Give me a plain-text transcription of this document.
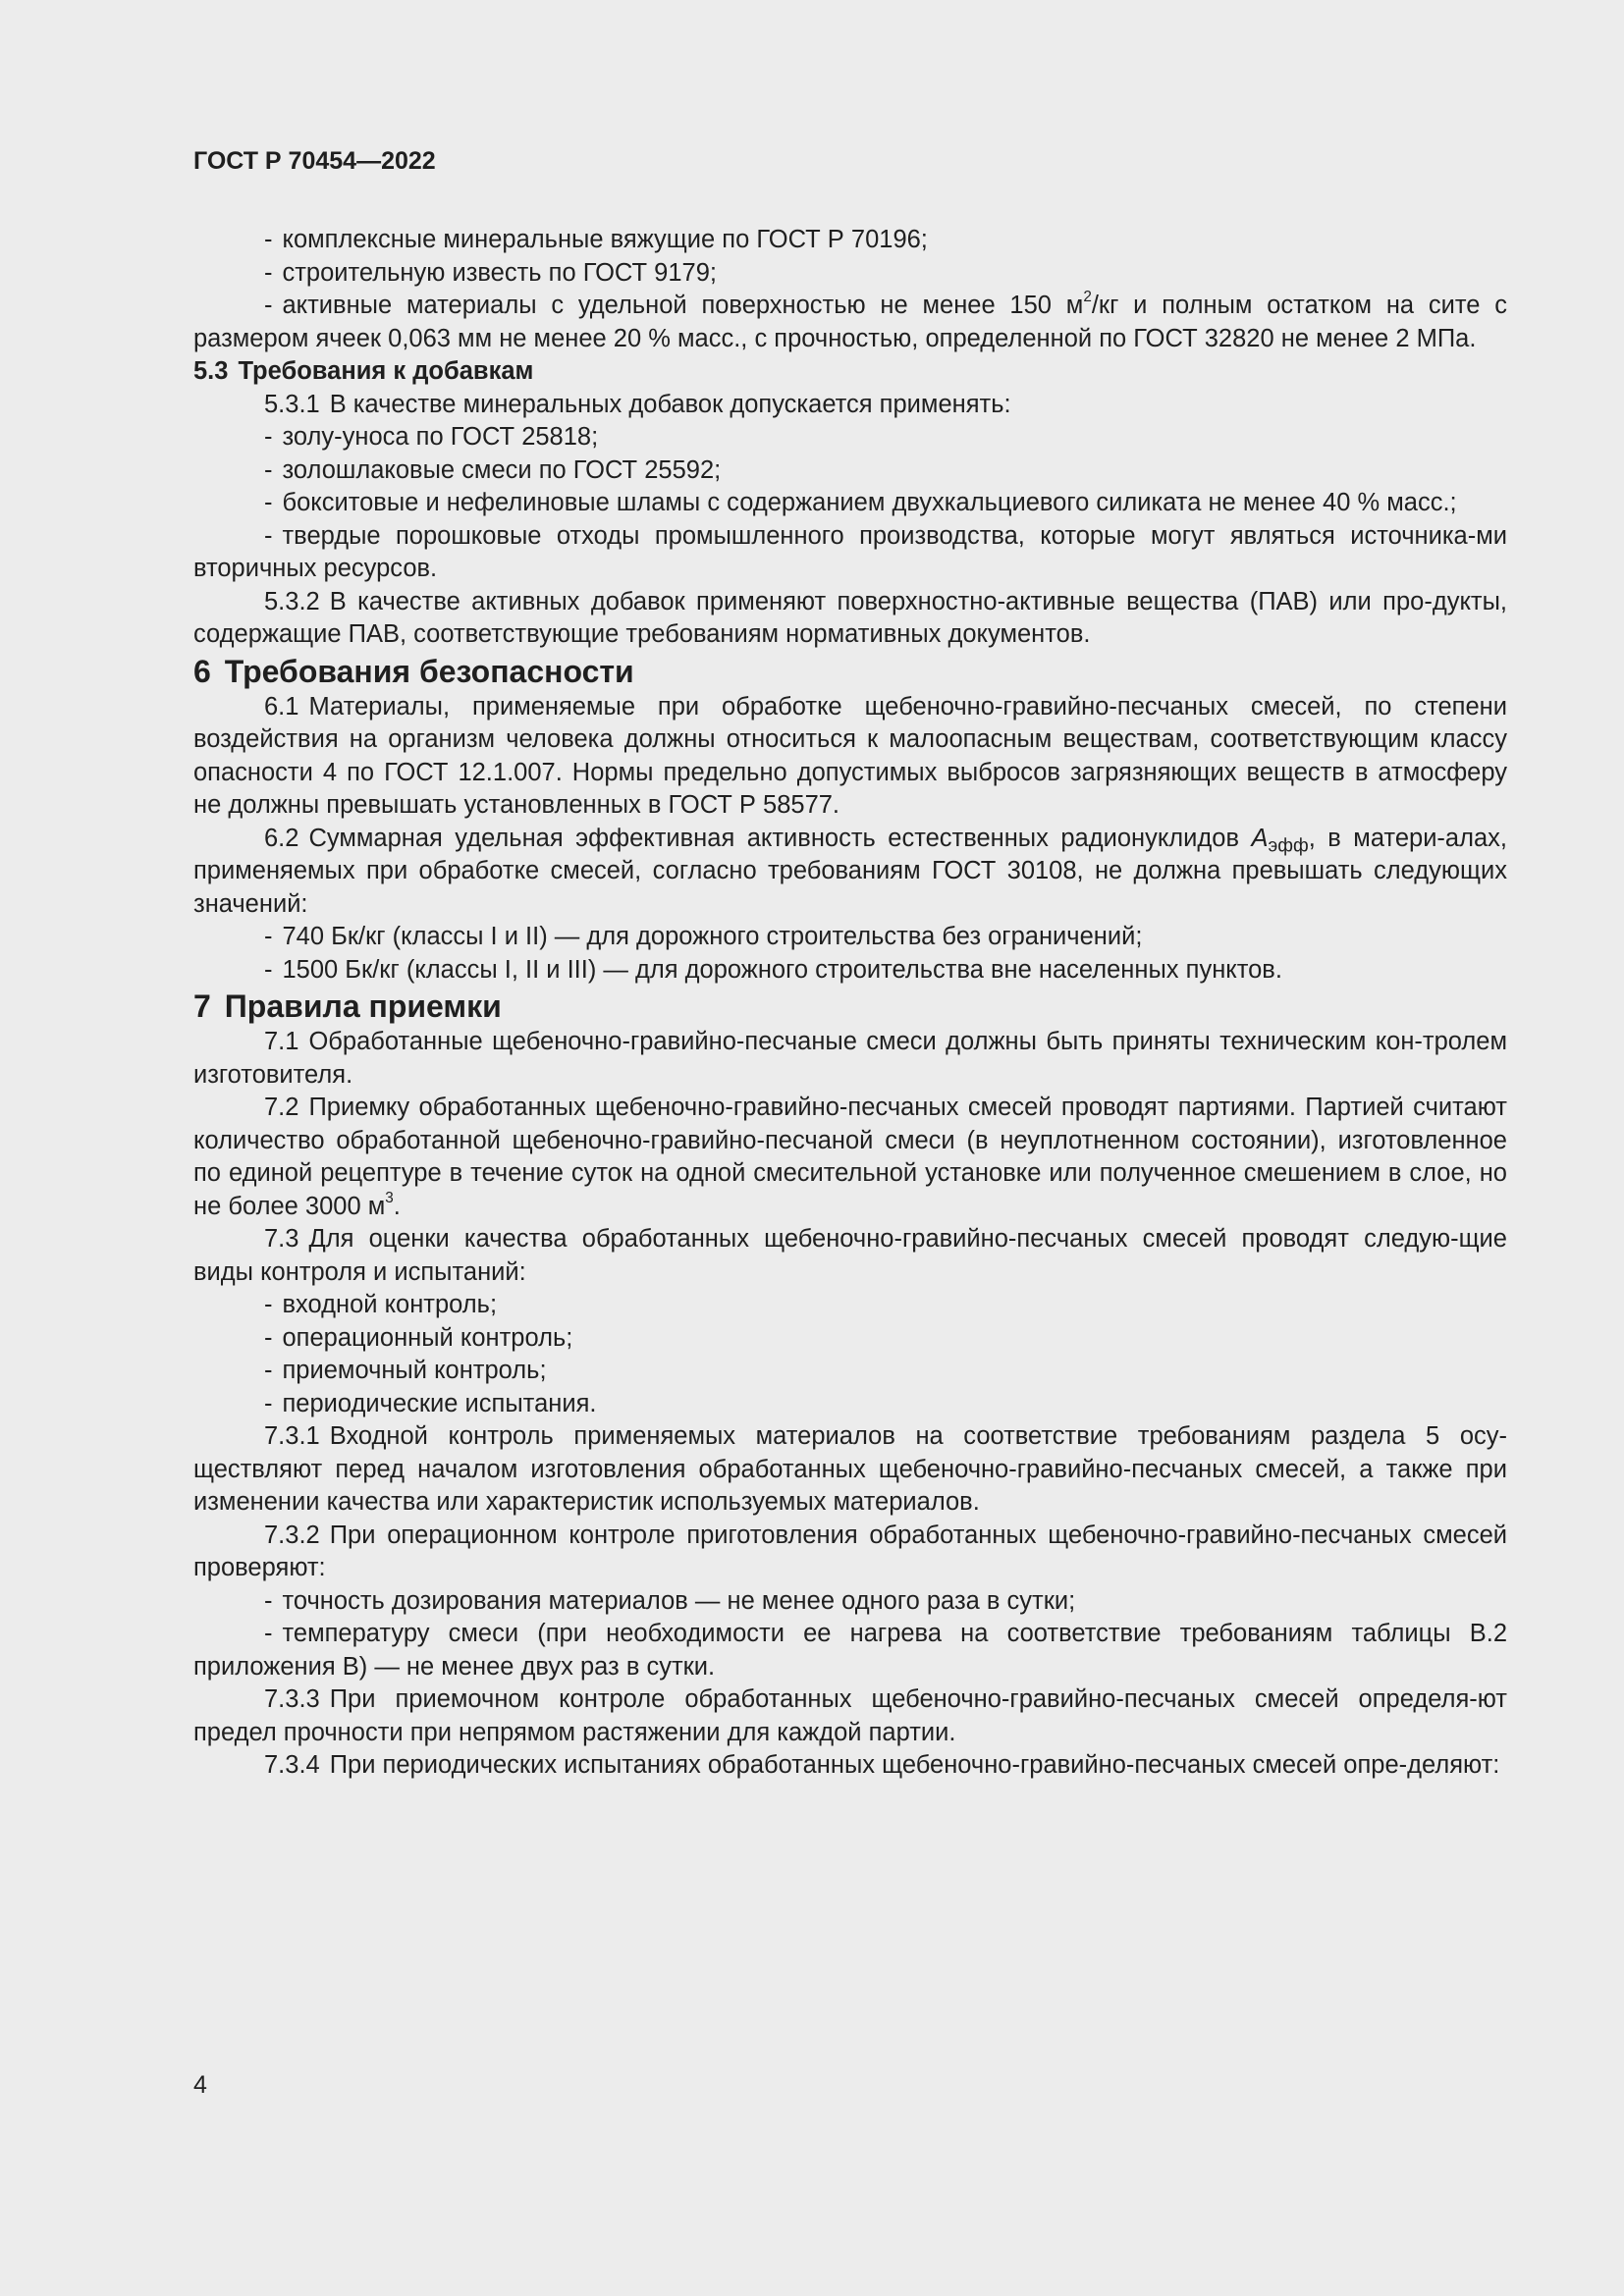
ГОСТ Р 70454—2022

- комплексные минеральные вяжущие по ГОСТ Р 70196;

- строительную известь по ГОСТ 9179;

- активные материалы с удельной поверхностью не менее 150 $м^2/кг$ и полным остатком на сите с размером ячеек 0,063 мм не менее 20 % масс., с прочностью, определенной по ГОСТ 32820 не менее 2 МПа.

5.3 Требования к добавкам

5.3.1 В качестве минеральных добавок допускается применять:

- золу-уноса по ГОСТ 25818;

- золошлаковые смеси по ГОСТ 25592;

- бокситовые и нефелиновые шламы с содержанием двухкальциевого силиката не менее 40 % масс.;

- твердые порошковые отходы промышленного производства, которые могут являться источника-ми вторичных ресурсов.

5.3.2 В качестве активных добавок применяют поверхностно-активные вещества (ПАВ) или про-дукты, содержащие ПАВ, соответствующие требованиям нормативных документов.

6 Требования безопасности

6.1 Материалы, применяемые при обработке щебеночно-гравийно-песчаных смесей, по степени воздействия на организм человека должны относиться к малоопасным веществам, соответствующим классу опасности 4 по ГОСТ 12.1.007. Нормы предельно допустимых выбросов загрязняющих веществ в атмосферу не должны превышать установленных в ГОСТ Р 58577.

6.2 Суммарная удельная эффективная активность естественных радионуклидов $A_{эфф}$, в матери-алах, применяемых при обработке смесей, согласно требованиям ГОСТ 30108, не должна превышать следующих значений:

- 740 Бк/кг (классы I и II) — для дорожного строительства без ограничений;

- 1500 Бк/кг (классы I, II и III) — для дорожного строительства вне населенных пунктов.

7 Правила приемки

7.1 Обработанные щебеночно-гравийно-песчаные смеси должны быть приняты техническим кон-тролем изготовителя.

7.2 Приемку обработанных щебеночно-гравийно-песчаных смесей проводят партиями. Партией считают количество обработанной щебеночно-гравийно-песчаной смеси (в неуплотненном состоянии), изготовленное по единой рецептуре в течение суток на одной смесительной установке или полученное смешением в слое, но не более 3000 $м^3$.

7.3 Для оценки качества обработанных щебеночно-гравийно-песчаных смесей проводят следую-щие виды контроля и испытаний:

- входной контроль;

- операционный контроль;

- приемочный контроль;

- периодические испытания.

7.3.1 Входной контроль применяемых материалов на соответствие требованиям раздела 5 осу-ществляют перед началом изготовления обработанных щебеночно-гравийно-песчаных смесей, а также при изменении качества или характеристик используемых материалов.

7.3.2 При операционном контроле приготовления обработанных щебеночно-гравийно-песчаных смесей проверяют:

- точность дозирования материалов — не менее одного раза в сутки;

- температуру смеси (при необходимости ее нагрева на соответствие требованиям таблицы В.2 приложения В) — не менее двух раз в сутки.

7.3.3 При приемочном контроле обработанных щебеночно-гравийно-песчаных смесей определя-ют предел прочности при непрямом растяжении для каждой партии.

7.3.4 При периодических испытаниях обработанных щебеночно-гравийно-песчаных смесей опре-деляют:

4
